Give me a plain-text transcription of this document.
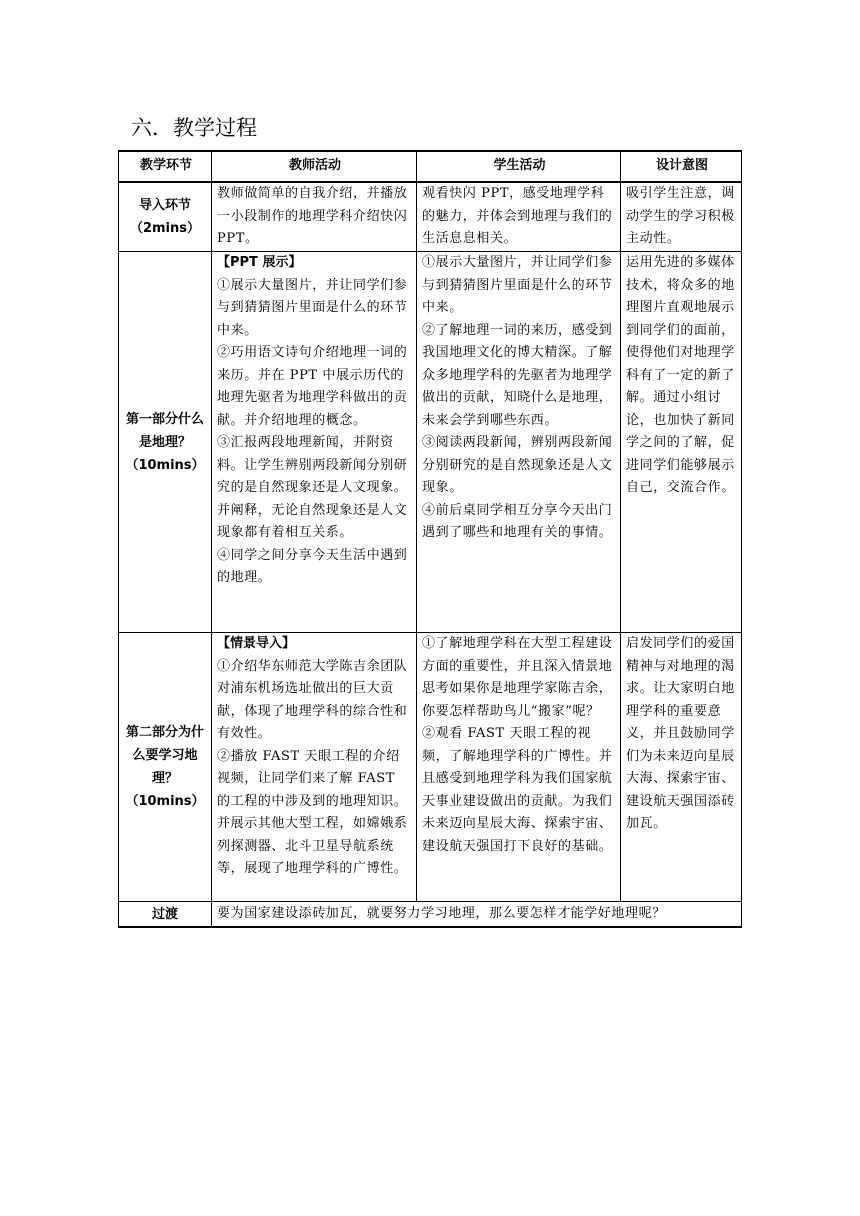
六．教学过程
教学环节	教师活动	学生活动	设计意图

导入环节
（2mins）	教师做简单的自我介绍，并播放一小段制作的地理学科介绍快闪 PPT。	观看快闪 PPT，感受地理学科的魅力，并体会到地理与我们的生活息息相关。	吸引学生注意，调动学生的学习积极主动性。

第一部分什么是地理？
（10mins）	【PPT 展示】
①展示大量图片，并让同学们参与到猜猜图片里面是什么的环节中来。
②巧用语文诗句介绍地理一词的来历。并在 PPT 中展示历代的地理先驱者为地理学科做出的贡献。并介绍地理的概念。
③汇报两段地理新闻，并附资料。让学生辨别两段新闻分别研究的是自然现象还是人文现象。并阐释，无论自然现象还是人文现象都有着相互关系。
④同学之间分享今天生活中遇到的地理。	①展示大量图片，并让同学们参与到猜猜图片里面是什么的环节中来。
②了解地理一词的来历，感受到我国地理文化的博大精深。了解众多地理学科的先驱者为地理学做出的贡献，知晓什么是地理，未来会学到哪些东西。
③阅读两段新闻，辨别两段新闻分别研究的是自然现象还是人文现象。
④前后桌同学相互分享今天出门遇到了哪些和地理有关的事情。	运用先进的多媒体技术，将众多的地理图片直观地展示到同学们的面前，使得他们对地理学科有了一定的新了解。通过小组讨论，也加快了新同学之间的了解，促进同学们能够展示自己，交流合作。

第二部分为什么要学习地理？
（10mins）	【情景导入】
①介绍华东师范大学陈吉余团队对浦东机场选址做出的巨大贡献，体现了地理学科的综合性和有效性。
②播放 FAST 天眼工程的介绍视频，让同学们来了解 FAST 的工程的中涉及到的地理知识。并展示其他大型工程，如嫦娥系列探测器、北斗卫星导航系统等，展现了地理学科的广博性。	①了解地理学科在大型工程建设方面的重要性，并且深入情景地思考如果你是地理学家陈吉余，你要怎样帮助鸟儿“搬家”呢？
②观看 FAST 天眼工程的视频，了解地理学科的广博性。并且感受到地理学科为我们国家航天事业建设做出的贡献。为我们未来迈向星辰大海、探索宇宙、建设航天强国打下良好的基础。	启发同学们的爱国精神与对地理的渴求。让大家明白地理学科的重要意义，并且鼓励同学们为未来迈向星辰大海、探索宇宙、建设航天强国添砖加瓦。

过渡	要为国家建设添砖加瓦，就要努力学习地理，那么要怎样才能学好地理呢？		
